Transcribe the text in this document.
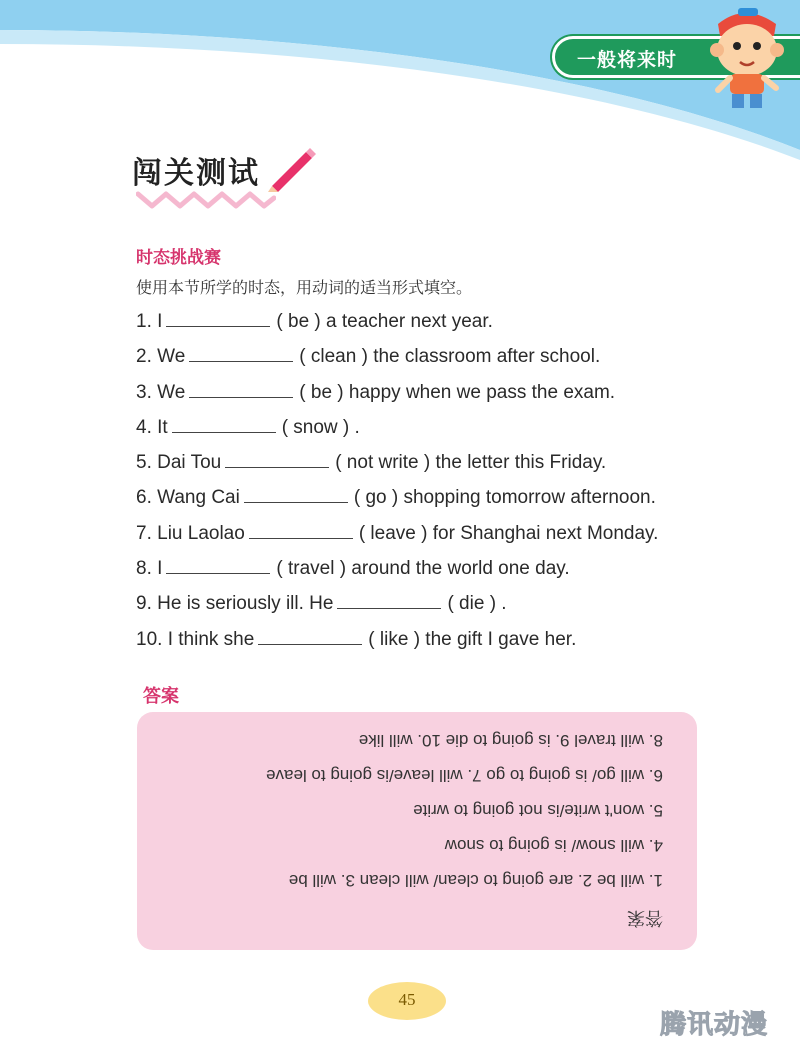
一般将来时
闯关测试
时态挑战赛
使用本节所学的时态，用动词的适当形式填空。
1. I	( be ) a teacher next year.
2. We	( clean ) the classroom after school.
3. We	( be ) happy when we pass the exam.
4. It	( snow ) .
5. Dai Tou	( not write ) the letter this Friday.
6. Wang Cai	( go ) shopping tomorrow afternoon.
7. Liu Laolao	( leave ) for Shanghai next Monday.
8. I	( travel ) around the world one day.
9. He is seriously ill. He	( die ) .
10. I think she	( like ) the gift I gave her.
答案
答案
1. will be 2. are going to clean/ will clean 3. will be
4. will snow/ is going to snow
5. won't write/is not going to write
6. will go/ is going to go 7. will leave/is going to leave
8. will travel 9. is going to die 10. will like
45
腾讯动漫
